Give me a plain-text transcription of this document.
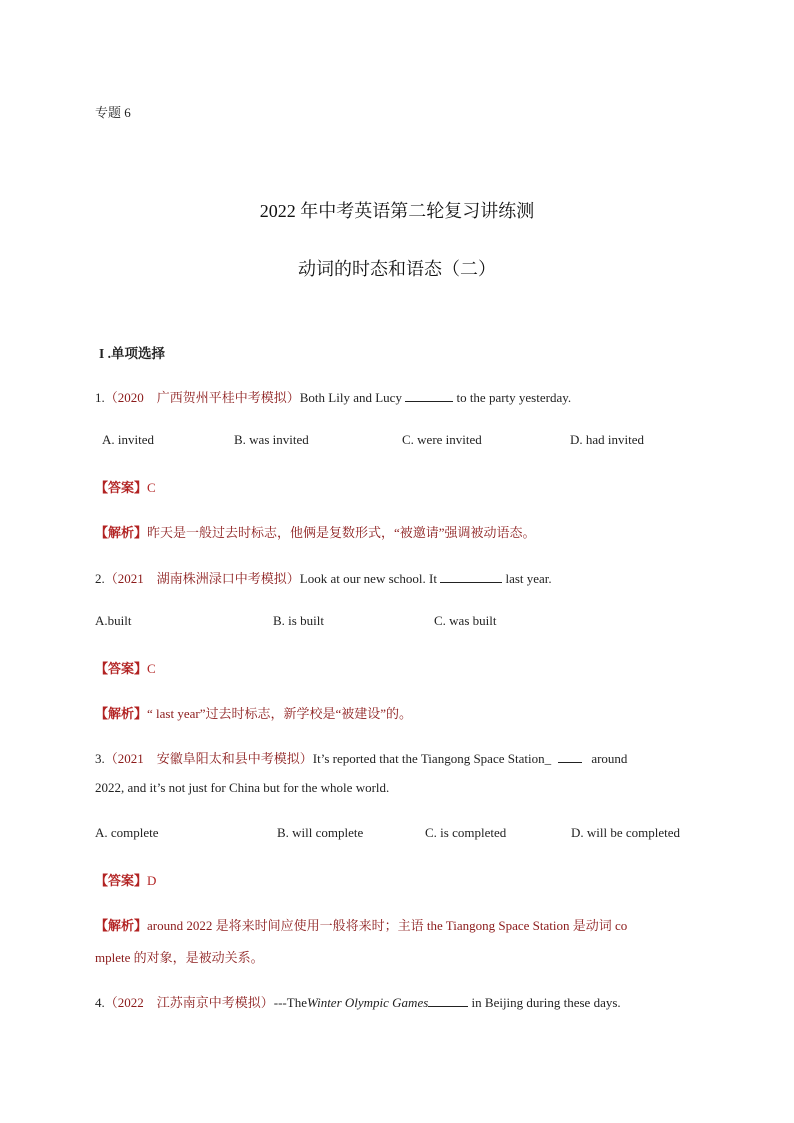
专题 6
2022 年中考英语第二轮复习讲练测
动词的时态和语态（二）
I .单项选择
1.（2020　广西贺州平桂中考模拟）Both Lily and Lucy	to the party yesterday.
A. invited	B. was invited	C. were invited	D. had invited
【答案】C
【解析】昨天是一般过去时标志，他俩是复数形式，“被邀请”强调被动语态。
2.（2021　湖南株洲渌口中考模拟）Look at our new school. It	last year.
A.built	B. is built	C. was built
【答案】C
【解析】“ last year”过去时标志，新学校是“被建设”的。
3.（2021　安徽阜阳太和县中考模拟）It’s reported that the Tiangong Space Station_	around
2022, and it’s not just for China but for the whole world.
A. complete	B. will complete	C. is completed	D. will be completed
【答案】D
【解析】around 2022 是将来时间应使用一般将来时；主语 the Tiangong Space Station 是动词 co
mplete 的对象，是被动关系。
4.（2022　江苏南京中考模拟）---TheWinter Olympic Games	in Beijing during these days.
